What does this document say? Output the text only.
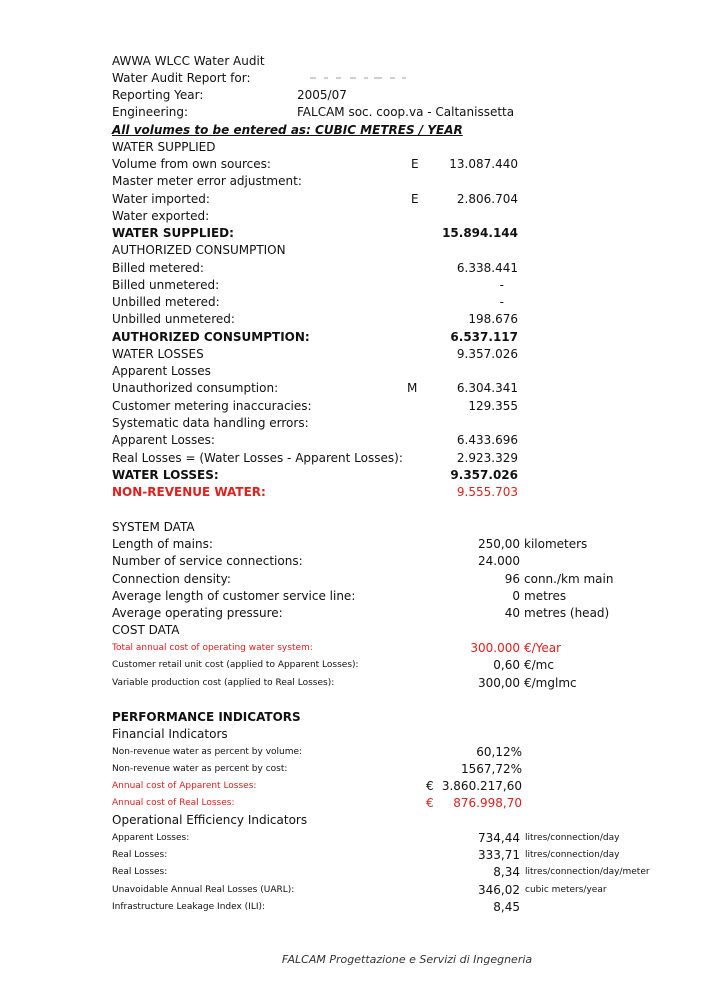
AWWA WLCC Water Audit
Water Audit Report for:
Reporting Year:	2005/07
Engineering:	FALCAM soc. coop.va - Caltanissetta
All volumes to be entered as: CUBIC METRES / YEAR
WATER SUPPLIED
Volume from own sources:	E	13.087.440
Master meter error adjustment:
Water imported:	E	2.806.704
Water exported:
WATER SUPPLIED:	15.894.144
AUTHORIZED CONSUMPTION
Billed metered:	6.338.441
Billed unmetered:	-
Unbilled metered:	-
Unbilled unmetered:	198.676
AUTHORIZED CONSUMPTION:	6.537.117
WATER LOSSES	9.357.026
Apparent Losses
Unauthorized consumption:	M	6.304.341
Customer metering inaccuracies:	129.355
Systematic data handling errors:
Apparent Losses:	6.433.696
Real Losses = (Water Losses - Apparent Losses):	2.923.329
WATER LOSSES:	9.357.026
NON-REVENUE WATER:	9.555.703
SYSTEM DATA
Length of mains:	250,00 kilometers
Number of service connections:	24.000
Connection density:	96 conn./km main
Average length of customer service line:	0 metres
Average operating pressure:	40 metres (head)
COST DATA
Total annual cost of operating water system:	300.000 €/Year
Customer retail unit cost (applied to Apparent Losses):	0,60 €/mc
Variable production cost (applied to Real Losses):	300,00 €/mglmc
PERFORMANCE INDICATORS
Financial Indicators
Non-revenue water as percent by volume:	60,12%
Non-revenue water as percent by cost:	1567,72%
Annual cost of Apparent Losses:	€ 3.860.217,60
Annual cost of Real Losses:	€ 876.998,70
Operational Efficiency Indicators
Apparent Losses:	734,44 litres/connection/day
Real Losses:	333,71 litres/connection/day
Real Losses:	8,34 litres/connection/day/meter
Unavoidable Annual Real Losses (UARL):	346,02 cubic meters/year
Infrastructure Leakage Index (ILI):	8,45
FALCAM Progettazione e Servizi di Ingegneria
